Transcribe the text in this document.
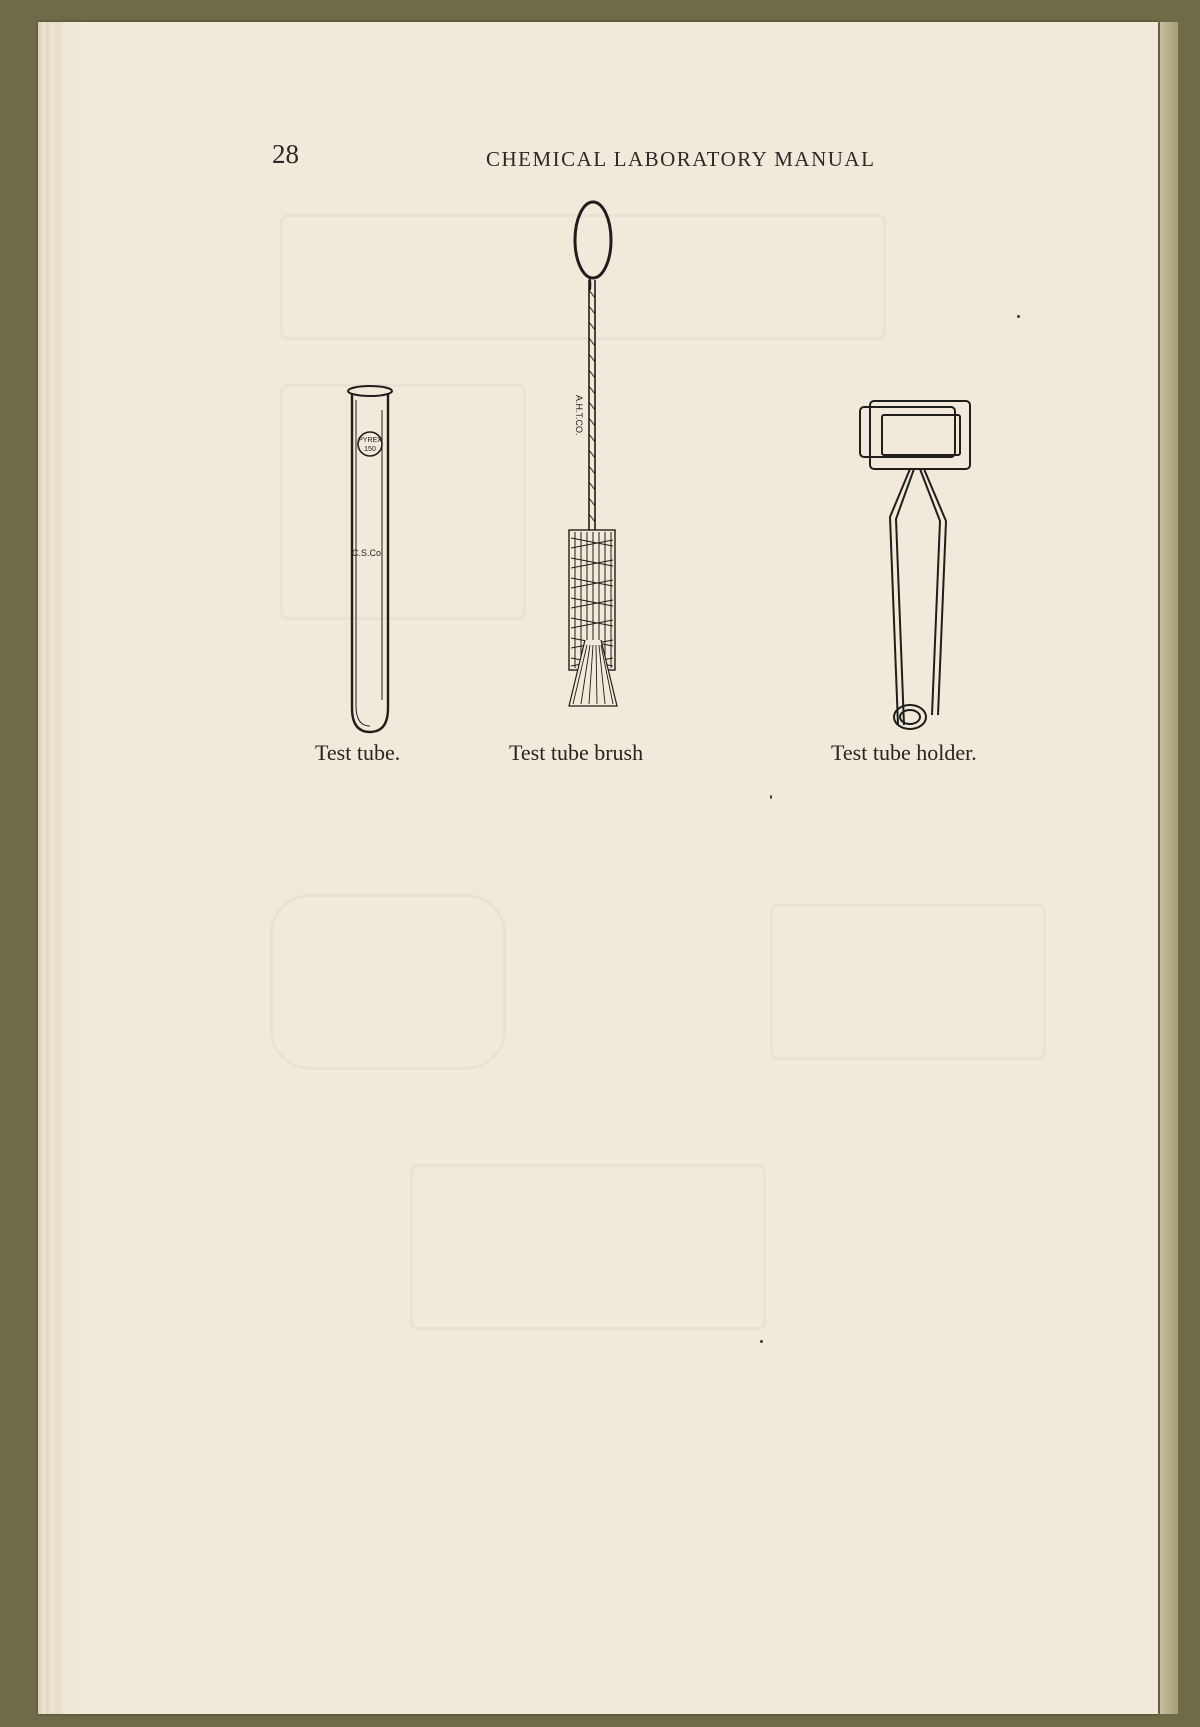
28	CHEMICAL LABORATORY MANUAL
PYREX
150
C.S.Co
Test tube.
A.H.T.CO.
Test tube brush	Test tube holder.
